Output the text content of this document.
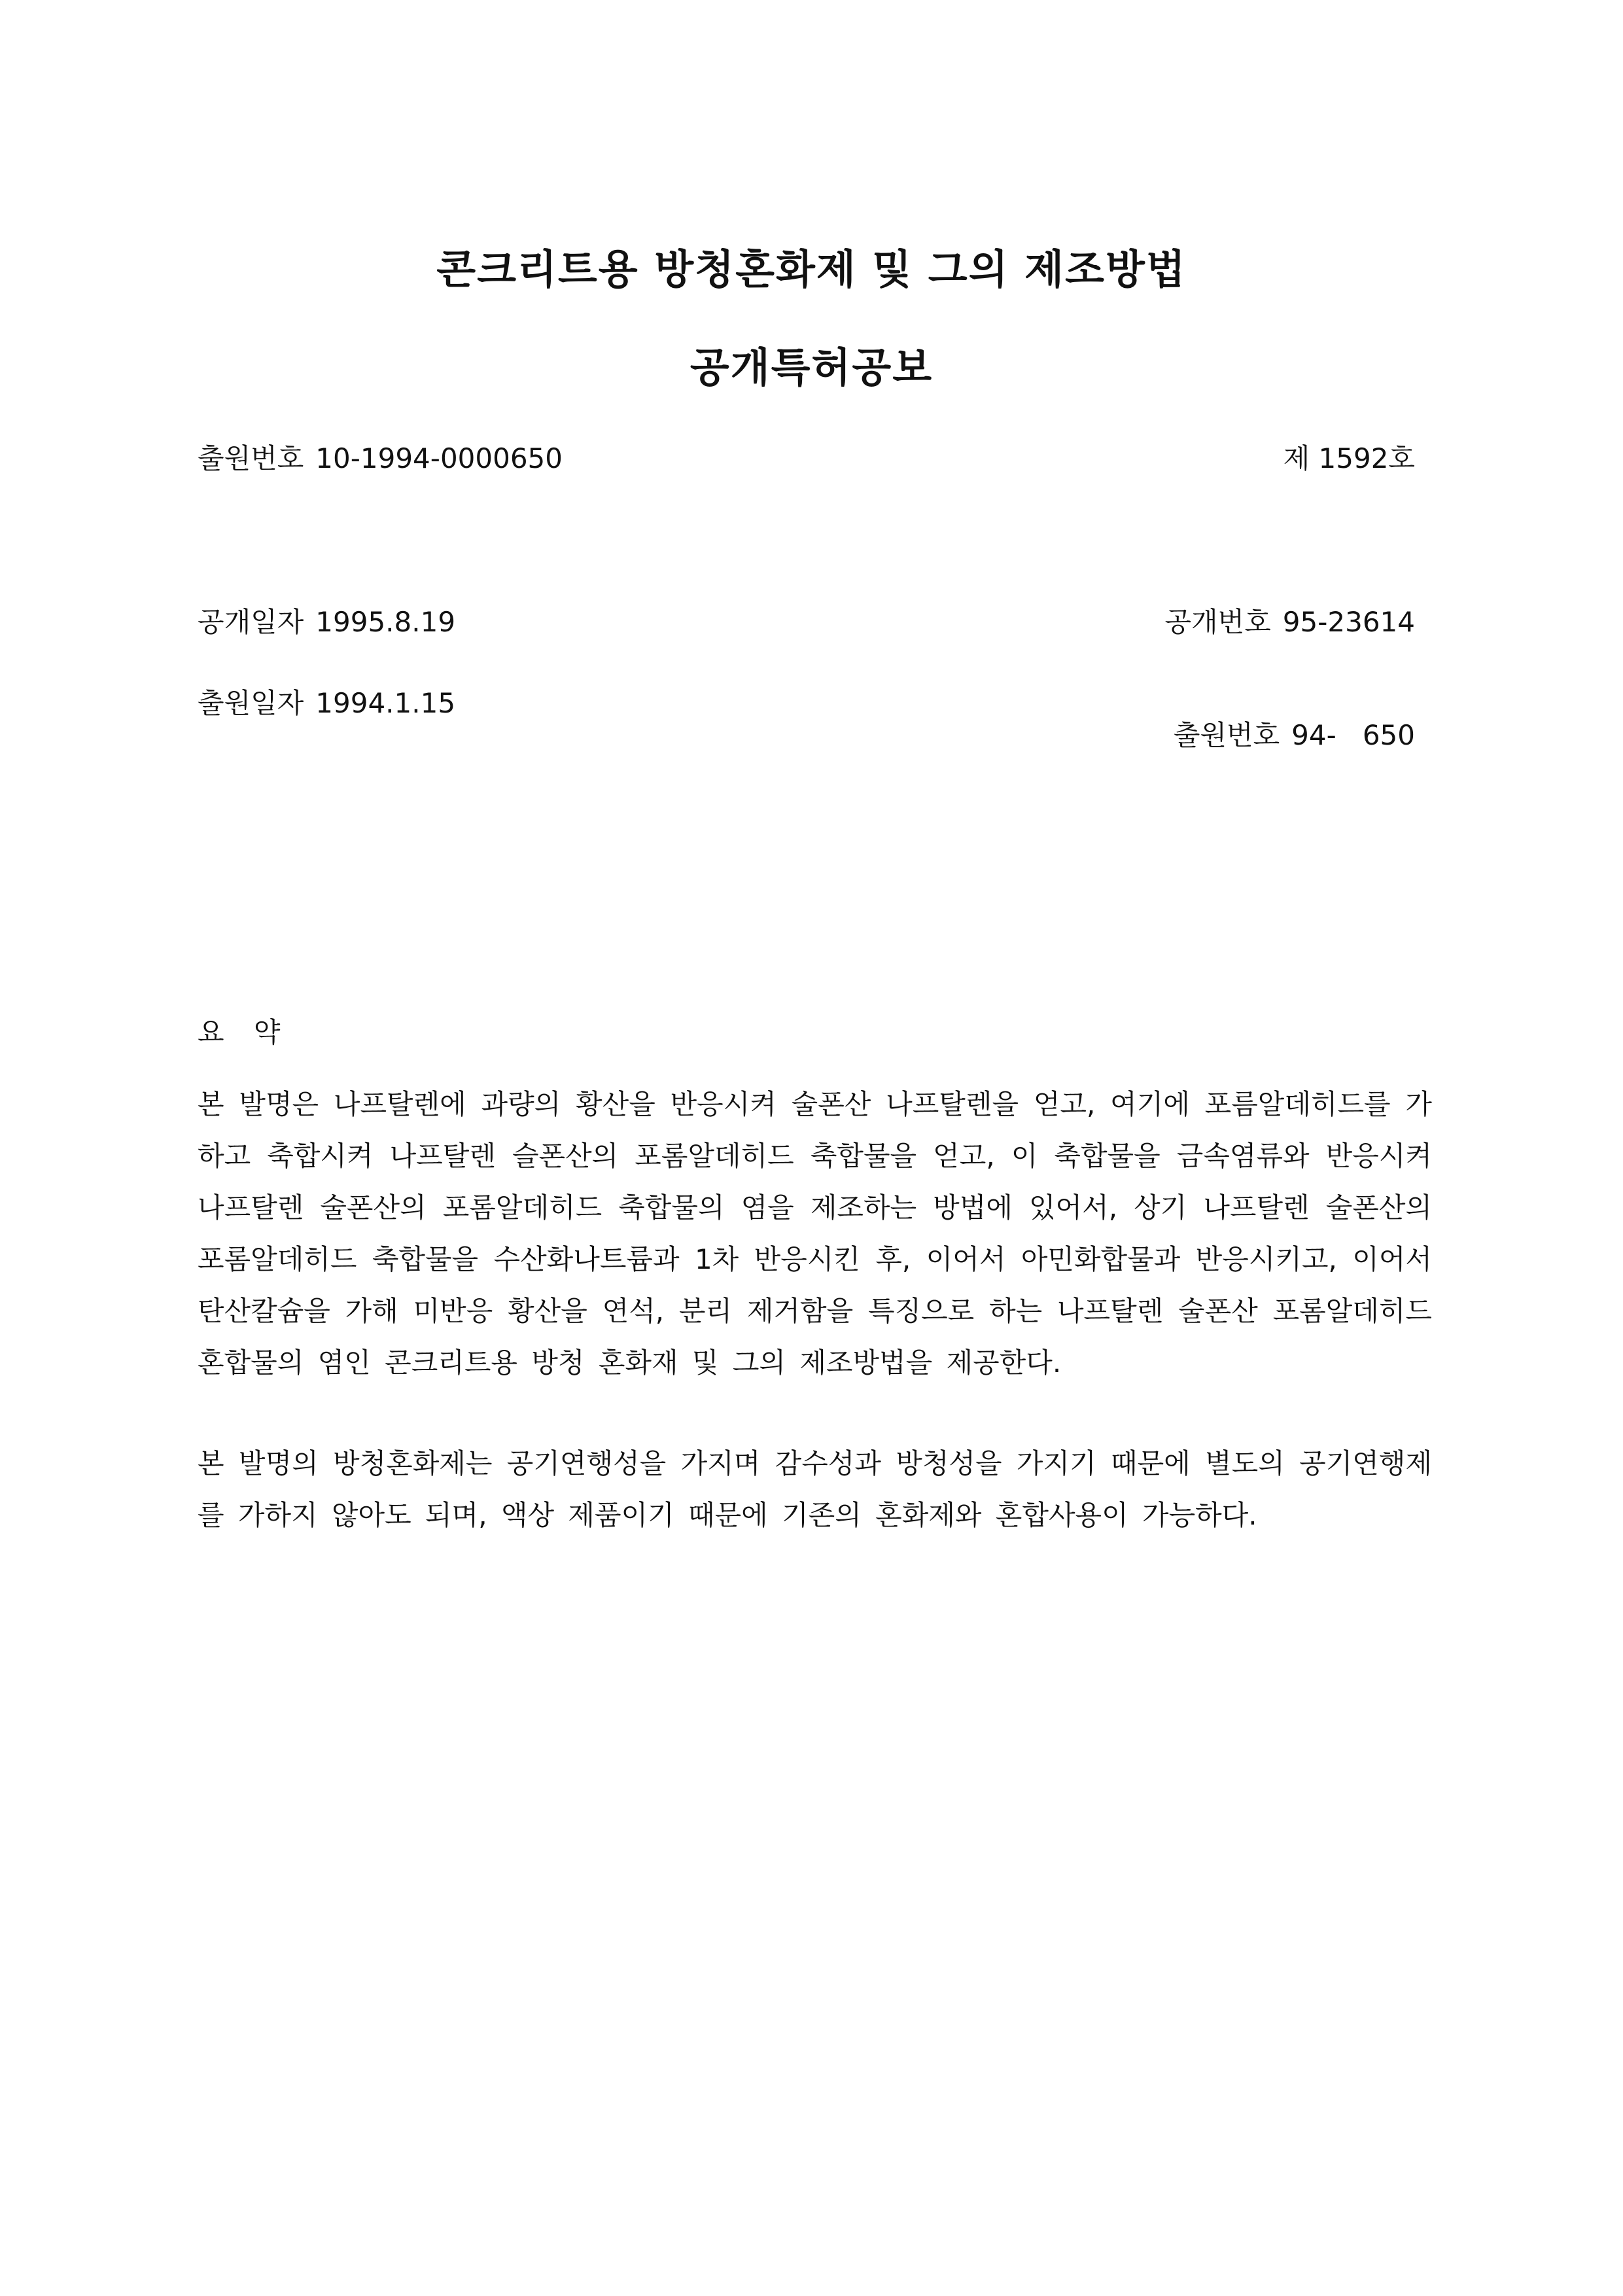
콘크리트용 방청혼화제 및 그의 제조방법
공개특허공보
출원번호 10-1994-0000650	제 1592호
공개일자 1995.8.19	공개번호 95-23614
출원일자 1994.1.15

출원번호 94-   650

요 약

본 발명은 나프탈렌에 과량의 황산을 반응시켜 술폰산 나프탈렌을 얻고, 여기에 포름알데히드를 가하고 축합시켜 나프탈렌 슬폰산의 포롬알데히드 축합물을 얻고, 이 축합물을 금속염류와 반응시켜 나프탈렌 술폰산의 포롬알데히드 축합물의 염을 제조하는 방법에 있어서, 상기 나프탈렌 술폰산의 포롬알데히드 축합물을 수산화나트륨과 1차 반응시킨 후, 이어서 아민화합물과 반응시키고, 이어서 탄산칼슘을 가해 미반응 황산을 연석, 분리 제거함을 특징으로 하는 나프탈렌 술폰산 포롬알데히드 혼합물의 염인 콘크리트용 방청 혼화재 및 그의 제조방법을 제공한다.

본 발명의 방청혼화제는 공기연행성을 가지며 감수성과 방청성을 가지기 때문에 별도의 공기연행제를 가하지 않아도 되며, 액상 제품이기 때문에 기존의 혼화제와 혼합사용이 가능하다.
